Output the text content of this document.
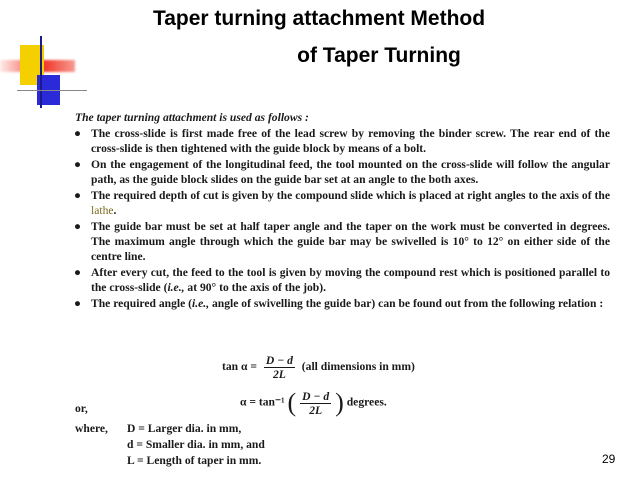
Taper turning attachment Method
of Taper Turning
The taper turning attachment is used as follows :
● The cross-slide is first made free of the lead screw by removing the binder screw. The rear end of the cross-slide is then tightened with the guide block by means of a bolt.
● On the engagement of the longitudinal feed, the tool mounted on the cross-slide will follow the angular path, as the guide block slides on the guide bar set at an angle to the both axes.
● The required depth of cut is given by the compound slide which is placed at right angles to the axis of the lathe.
● The guide bar must be set at half taper angle and the taper on the work must be converted in degrees. The maximum angle through which the guide bar may be swivelled is 10° to 12° on either side of the centre line.
● After every cut, the feed to the tool is given by moving the compound rest which is positioned parallel to the cross-slide (i.e., at 90° to the axis of the job).
● The required angle (i.e., angle of swivelling the guide bar) can be found out from the following relation :
$\tan \alpha = \frac{D - d}{2L} (all$ dimensions in mm)
or,	α = tan⁻¹ ( $\frac{D - d}{2L}$ ) degrees.
where, D = Larger dia. in mm,
d = Smaller dia. in mm, and
L = Length of taper in mm.	29
